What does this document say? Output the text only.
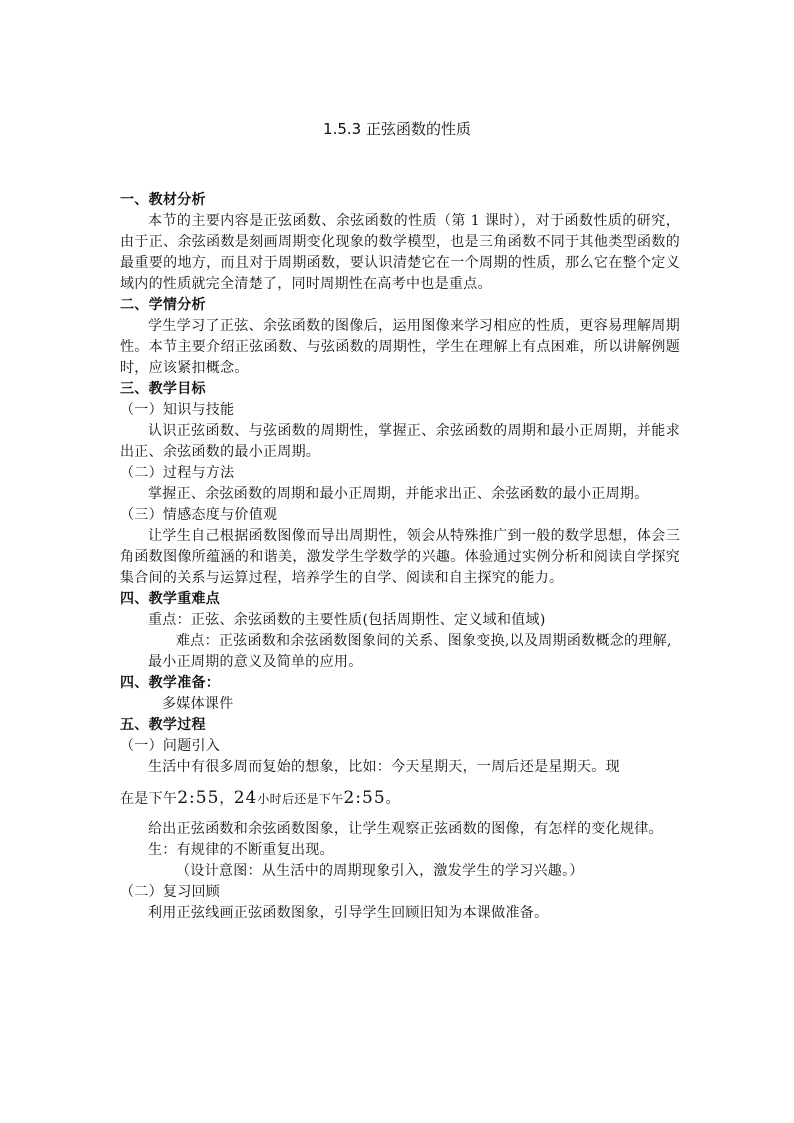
1.5.3 正弦函数的性质

一、教材分析

本节的主要内容是正弦函数、余弦函数的性质（第 1 课时），对于函数性质的研究，由于正、余弦函数是刻画周期变化现象的数学模型，也是三角函数不同于其他类型函数的最重要的地方，而且对于周期函数，要认识清楚它在一个周期的性质，那么它在整个定义域内的性质就完全清楚了，同时周期性在高考中也是重点。

二、学情分析

学生学习了正弦、余弦函数的图像后，运用图像来学习相应的性质，更容易理解周期性。本节主要介绍正弦函数、与弦函数的周期性，学生在理解上有点困难，所以讲解例题时，应该紧扣概念。

三、教学目标

（一）知识与技能

认识正弦函数、与弦函数的周期性，掌握正、余弦函数的周期和最小正周期，并能求出正、余弦函数的最小正周期。

（二）过程与方法

掌握正、余弦函数的周期和最小正周期，并能求出正、余弦函数的最小正周期。

（三）情感态度与价值观

让学生自己根据函数图像而导出周期性，领会从特殊推广到一般的数学思想，体会三角函数图像所蕴涵的和谐美，激发学生学数学的兴趣。体验通过实例分析和阅读自学探究集合间的关系与运算过程，培养学生的自学、阅读和自主探究的能力。

四、教学重难点

重点：正弦、余弦函数的主要性质(包括周期性、定义域和值域)

难点：正弦函数和余弦函数图象间的关系、图象变换,以及周期函数概念的理解,最小正周期的意义及简单的应用。

四、教学准备：

多媒体课件

五、教学过程

（一）问题引入

生活中有很多周而复始的想象，比如：今天星期天，一周后还是星期天。现

在是下午2:55，24小时后还是下午2:55。

给出正弦函数和余弦函数图象，让学生观察正弦函数的图像，有怎样的变化规律。

生：有规律的不断重复出现。

（设计意图：从生活中的周期现象引入，激发学生的学习兴趣。）

（二）复习回顾

利用正弦线画正弦函数图象，引导学生回顾旧知为本课做准备。
